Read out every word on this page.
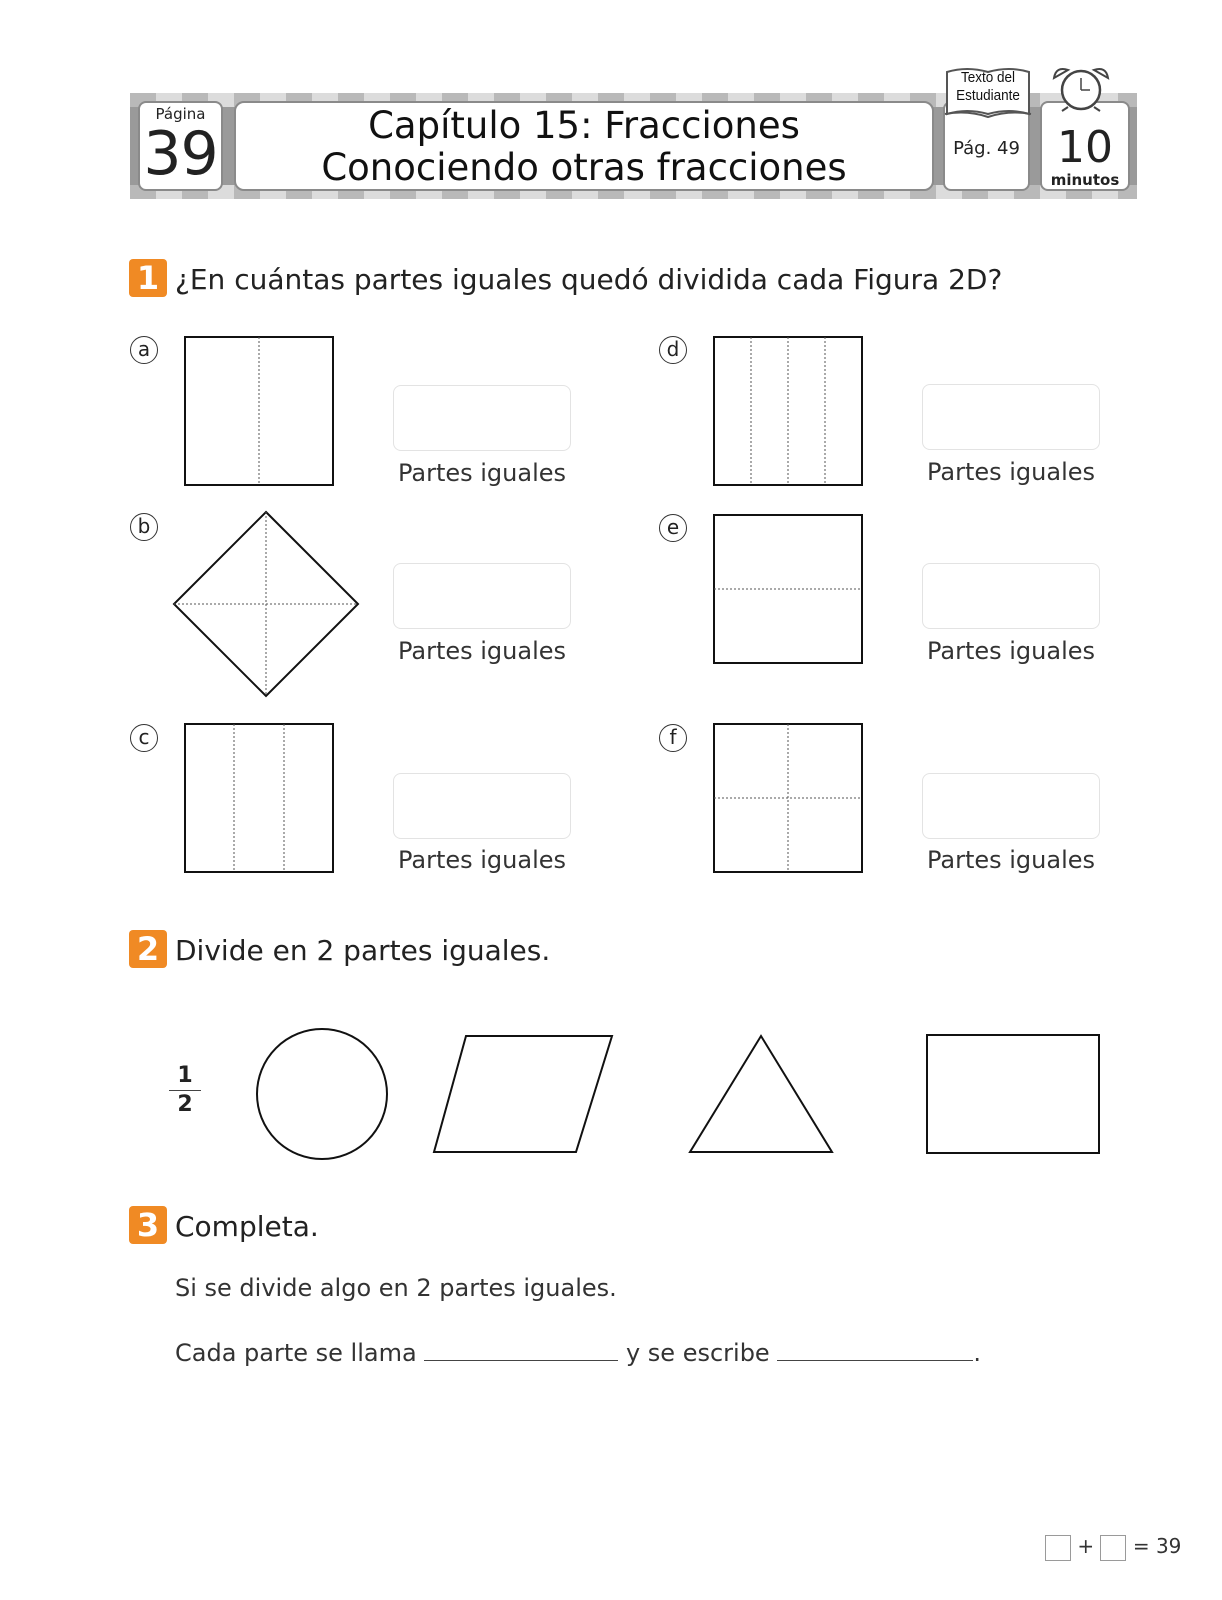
Página
39	Capítulo 15: Fracciones
Conociendo otras fracciones
Texto del Estudiante
Pág. 49 10
minutos
1 ¿En cuántas partes iguales quedó dividida cada Figura 2D?
a
Partes iguales
b
Partes iguales
c
Partes iguales
d
Partes iguales
e
Partes iguales
f
Partes iguales
2 Divide en 2 partes iguales.
1
2
3 Completa.
Si se divide algo en 2 partes iguales.
Cada parte se llama	y se escribe	.
+ = 39
